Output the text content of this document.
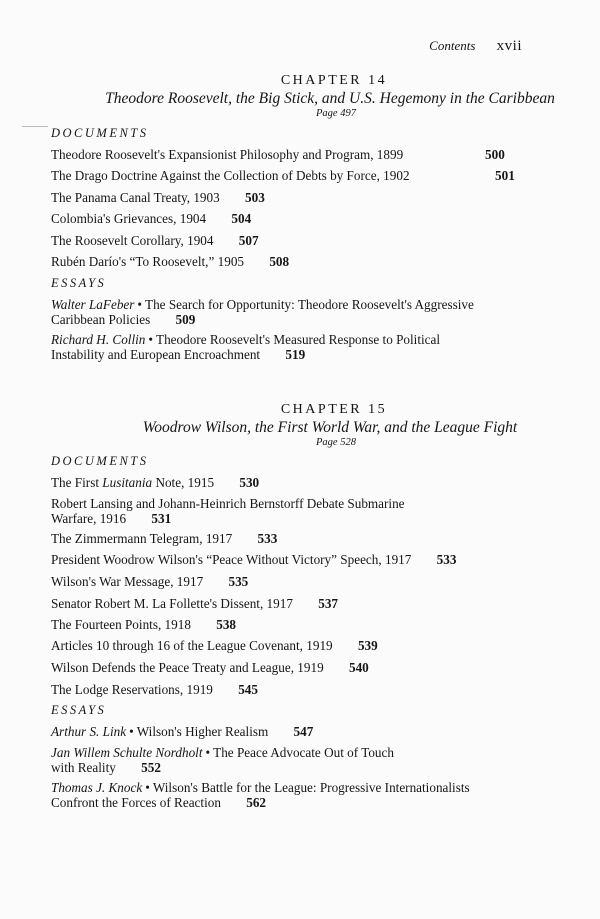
Contents xvii
CHAPTER 14
Theodore Roosevelt, the Big Stick, and U.S. Hegemony in the Caribbean
Page 497
DOCUMENTS
Theodore Roosevelt's Expansionist Philosophy and Program, 1899	500
The Drago Doctrine Against the Collection of Debts by Force, 1902	501
The Panama Canal Treaty, 1903 503
Colombia's Grievances, 1904 504
The Roosevelt Corollary, 1904 507
Rubén Darío's “To Roosevelt,” 1905 508
ESSAYS
Walter LaFeber • The Search for Opportunity: Theodore Roosevelt's Aggressive
Caribbean Policies 509
Richard H. Collin • Theodore Roosevelt's Measured Response to Political
Instability and European Encroachment 519
CHAPTER 15
Woodrow Wilson, the First World War, and the League Fight
Page 528
DOCUMENTS
The First Lusitania Note, 1915 530
Robert Lansing and Johann-Heinrich Bernstorff Debate Submarine
Warfare, 1916 531
The Zimmermann Telegram, 1917 533
President Woodrow Wilson's “Peace Without Victory” Speech, 1917 533
Wilson's War Message, 1917 535
Senator Robert M. La Follette's Dissent, 1917 537
The Fourteen Points, 1918 538
Articles 10 through 16 of the League Covenant, 1919 539
Wilson Defends the Peace Treaty and League, 1919 540
The Lodge Reservations, 1919 545
ESSAYS
Arthur S. Link • Wilson's Higher Realism 547
Jan Willem Schulte Nordholt • The Peace Advocate Out of Touch
with Reality 552
Thomas J. Knock • Wilson's Battle for the League: Progressive Internationalists
Confront the Forces of Reaction 562
